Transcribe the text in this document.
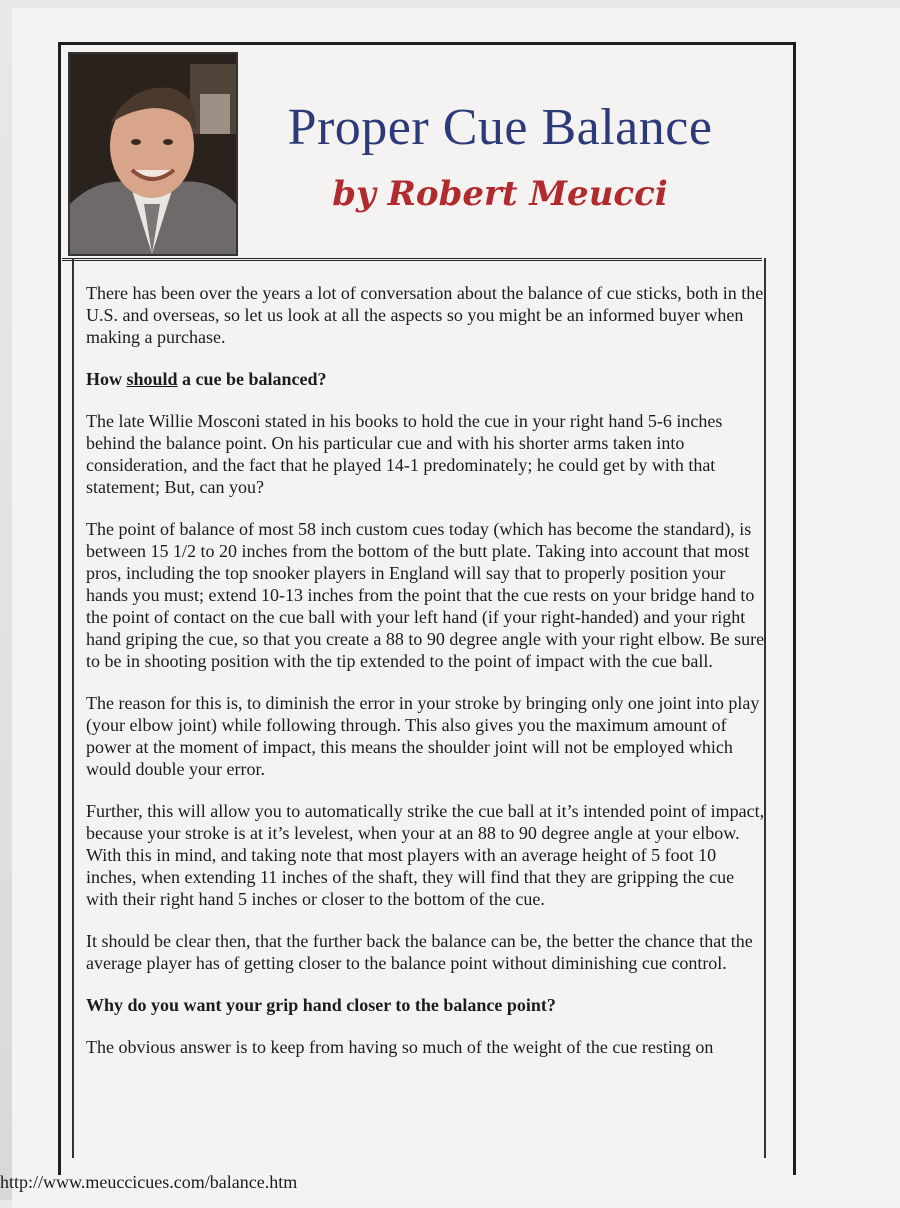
Proper Cue Balance
by Robert Meucci

There has been over the years a lot of conversation about the balance of cue sticks, both in the U.S. and overseas, so let us look at all the aspects so you might be an informed buyer when making a purchase.

How should a cue be balanced?

The late Willie Mosconi stated in his books to hold the cue in your right hand 5-6 inches behind the balance point. On his particular cue and with his shorter arms taken into consideration, and the fact that he played 14-1 predominately; he could get by with that statement; But, can you?

The point of balance of most 58 inch custom cues today (which has become the standard), is between 15 1/2 to 20 inches from the bottom of the butt plate. Taking into account that most pros, including the top snooker players in England will say that to properly position your hands you must; extend 10-13 inches from the point that the cue rests on your bridge hand to the point of contact on the cue ball with your left hand (if your right-handed) and your right hand griping the cue, so that you create a 88 to 90 degree angle with your right elbow. Be sure to be in shooting position with the tip extended to the point of impact with the cue ball.

The reason for this is, to diminish the error in your stroke by bringing only one joint into play (your elbow joint) while following through. This also gives you the maximum amount of power at the moment of impact, this means the shoulder joint will not be employed which would double your error.

Further, this will allow you to automatically strike the cue ball at it’s intended point of impact, because your stroke is at it’s levelest, when your at an 88 to 90 degree angle at your elbow. With this in mind, and taking note that most players with an average height of 5 foot 10 inches, when extending 11 inches of the shaft, they will find that they are gripping the cue with their right hand 5 inches or closer to the bottom of the cue.

It should be clear then, that the further back the balance can be, the better the chance that the average player has of getting closer to the balance point without diminishing cue control.

Why do you want your grip hand closer to the balance point?

The obvious answer is to keep from having so much of the weight of the cue resting on

http://www.meuccicues.com/balance.htm
